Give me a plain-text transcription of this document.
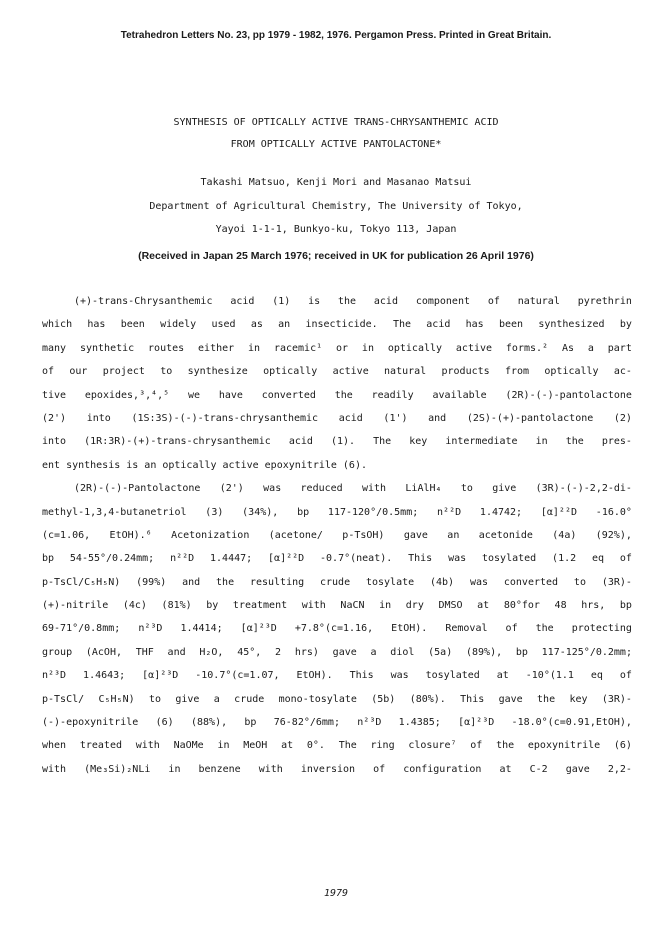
Tetrahedron Letters No. 23, pp 1979 - 1982, 1976. Pergamon Press. Printed in Great Britain.
SYNTHESIS OF OPTICALLY ACTIVE TRANS-CHRYSANTHEMIC ACID
FROM OPTICALLY ACTIVE PANTOLACTONE*
Takashi Matsuo, Kenji Mori and Masanao Matsui
Department of Agricultural Chemistry, The University of Tokyo,
Yayoi 1-1-1, Bunkyo-ku, Tokyo 113, Japan
(Received in Japan 25 March 1976; received in UK for publication 26 April 1976)
(+)-trans-Chrysanthemic acid (1) is the acid component of natural pyrethrin
which has been widely used as an insecticide. The acid has been synthesized by
many synthetic routes either in racemic¹ or in optically active forms.² As a part
of our project to synthesize optically active natural products from optically ac-
tive epoxides,³,⁴,⁵ we have converted the readily available (2R)-(-)-pantolactone
(2') into (1S:3S)-(-)-trans-chrysanthemic acid (1') and (2S)-(+)-pantolactone (2)
into (1R:3R)-(+)-trans-chrysanthemic acid (1). The key intermediate in the pres-
ent synthesis is an optically active epoxynitrile (6).
(2R)-(-)-Pantolactone (2') was reduced with LiAlH₄ to give (3R)-(-)-2,2-di-
methyl-1,3,4-butanetriol (3) (34%), bp 117-120°/0.5mm; n²²D 1.4742; [α]²²D -16.0°
(c=1.06, EtOH).⁶ Acetonization (acetone/ p-TsOH) gave an acetonide (4a) (92%),
bp 54-55°/0.24mm; n²²D 1.4447; [α]²²D -0.7°(neat). This was tosylated (1.2 eq of
p-TsCl/C₅H₅N) (99%) and the resulting crude tosylate (4b) was converted to (3R)-
(+)-nitrile (4c) (81%) by treatment with NaCN in dry DMSO at 80°for 48 hrs, bp
69-71°/0.8mm; n²³D 1.4414; [α]²³D +7.8°(c=1.16, EtOH). Removal of the protecting
group (AcOH, THF and H₂O, 45°, 2 hrs) gave a diol (5a) (89%), bp 117-125°/0.2mm;
n²³D 1.4643; [α]²³D -10.7°(c=1.07, EtOH). This was tosylated at -10°(1.1 eq of
p-TsCl/ C₅H₅N) to give a crude mono-tosylate (5b) (80%). This gave the key (3R)-
(-)-epoxynitrile (6) (88%), bp 76-82°/6mm; n²³D 1.4385; [α]²³D -18.0°(c=0.91,EtOH),
when treated with NaOMe in MeOH at 0°. The ring closure⁷ of the epoxynitrile (6)
with (Me₃Si)₂NLi in benzene with inversion of configuration at C-2 gave 2,2-
1979
